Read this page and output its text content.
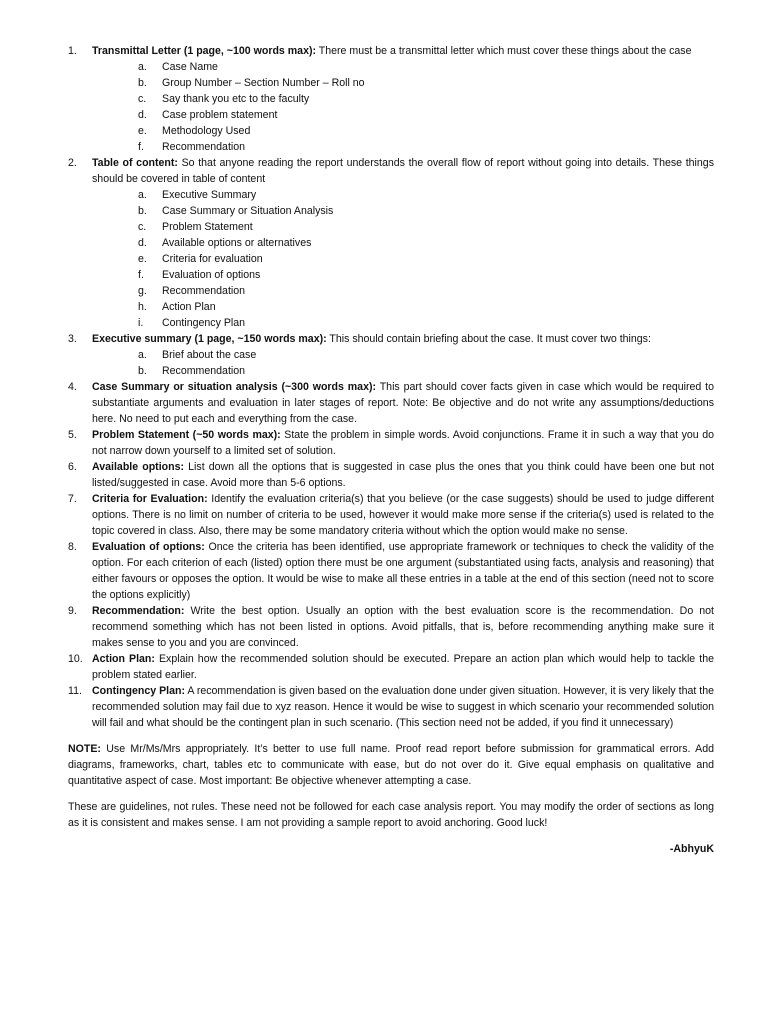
1. Transmittal Letter (1 page, ~100 words max): There must be a transmittal letter which must cover these things about the case
a. Case Name
b. Group Number – Section Number – Roll no
c. Say thank you etc to the faculty
d. Case problem statement
e. Methodology Used
f. Recommendation
2. Table of content: So that anyone reading the report understands the overall flow of report without going into details. These things should be covered in table of content
a. Executive Summary
b. Case Summary or Situation Analysis
c. Problem Statement
d. Available options or alternatives
e. Criteria for evaluation
f. Evaluation of options
g. Recommendation
h. Action Plan
i. Contingency Plan
3. Executive summary (1 page, ~150 words max): This should contain briefing about the case. It must cover two things:
a. Brief about the case
b. Recommendation
4. Case Summary or situation analysis (~300 words max): This part should cover facts given in case which would be required to substantiate arguments and evaluation in later stages of report. Note: Be objective and do not write any assumptions/deductions here. No need to put each and everything from the case.
5. Problem Statement (~50 words max): State the problem in simple words. Avoid conjunctions. Frame it in such a way that you do not narrow down yourself to a limited set of solution.
6. Available options: List down all the options that is suggested in case plus the ones that you think could have been one but not listed/suggested in case. Avoid more than 5-6 options.
7. Criteria for Evaluation: Identify the evaluation criteria(s) that you believe (or the case suggests) should be used to judge different options. There is no limit on number of criteria to be used, however it would make more sense if the criteria(s) used is related to the topic covered in class. Also, there may be some mandatory criteria without which the option would make no sense.
8. Evaluation of options: Once the criteria has been identified, use appropriate framework or techniques to check the validity of the option. For each criterion of each (listed) option there must be one argument (substantiated using facts, analysis and reasoning) that either favours or opposes the option. It would be wise to make all these entries in a table at the end of this section (need not to score the options explicitly)
9. Recommendation: Write the best option. Usually an option with the best evaluation score is the recommendation. Do not recommend something which has not been listed in options. Avoid pitfalls, that is, before recommending anything make sure it makes sense to you and you are convinced.
10. Action Plan: Explain how the recommended solution should be executed. Prepare an action plan which would help to tackle the problem stated earlier.
11. Contingency Plan: A recommendation is given based on the evaluation done under given situation. However, it is very likely that the recommended solution may fail due to xyz reason. Hence it would be wise to suggest in which scenario your recommended solution will fail and what should be the contingent plan in such scenario. (This section need not be added, if you find it unnecessary)

NOTE: Use Mr/Ms/Mrs appropriately. It’s better to use full name. Proof read report before submission for grammatical errors. Add diagrams, frameworks, chart, tables etc to communicate with ease, but do not over do it. Give equal emphasis on qualitative and quantitative aspect of case. Most important: Be objective whenever attempting a case.

These are guidelines, not rules. These need not be followed for each case analysis report. You may modify the order of sections as long as it is consistent and makes sense. I am not providing a sample report to avoid anchoring. Good luck!

-AbhyuK
